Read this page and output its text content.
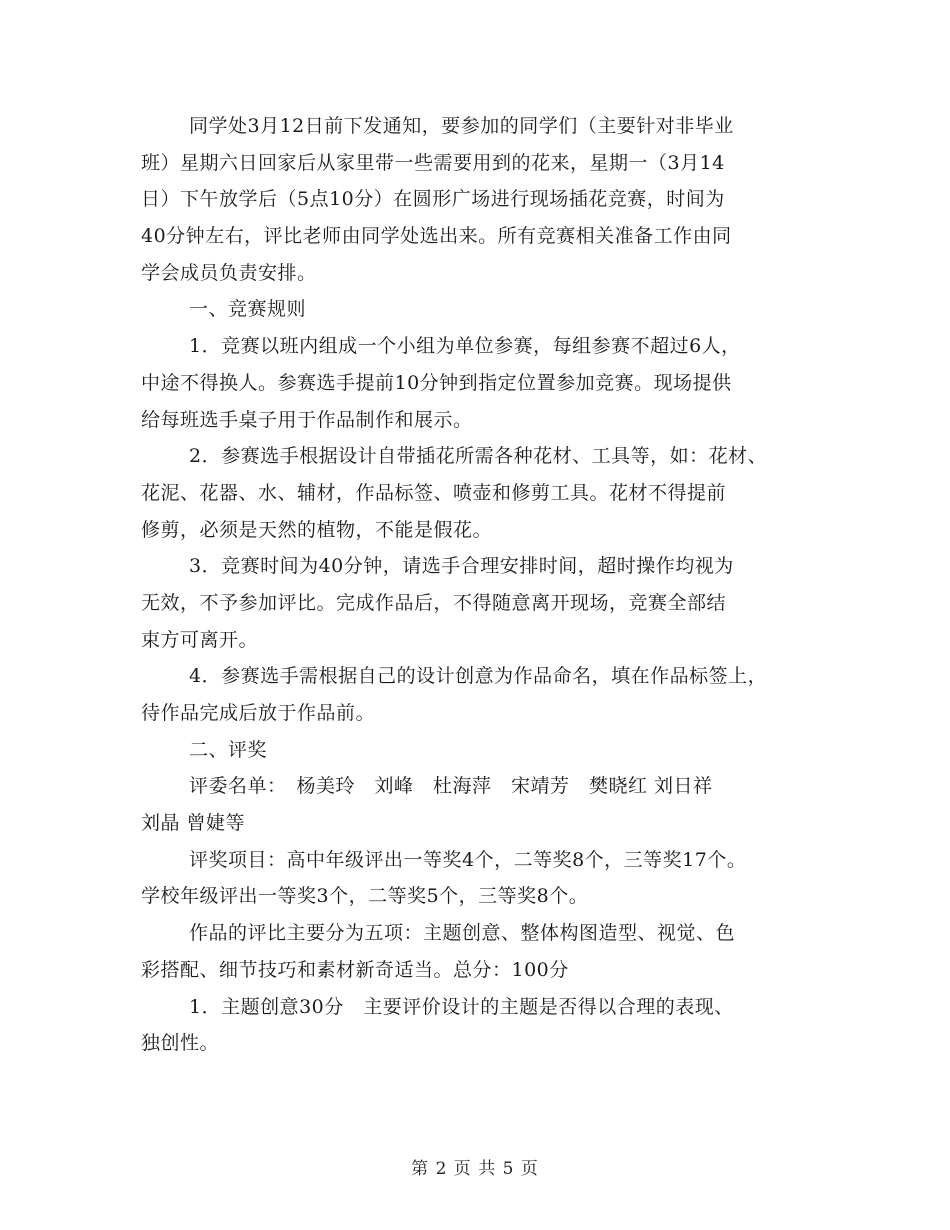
同学处3月12日前下发通知，要参加的同学们（主要针对非毕业
班）星期六日回家后从家里带一些需要用到的花来，星期一（3月14
日）下午放学后（5点10分）在圆形广场进行现场插花竞赛，时间为
40分钟左右，评比老师由同学处选出来。所有竞赛相关准备工作由同
学会成员负责安排。
一、竞赛规则
1．竞赛以班内组成一个小组为单位参赛，每组参赛不超过6人，
中途不得换人。参赛选手提前10分钟到指定位置参加竞赛。现场提供
给每班选手桌子用于作品制作和展示。
2．参赛选手根据设计自带插花所需各种花材、工具等，如：花材、
花泥、花器、水、辅材，作品标签、喷壶和修剪工具。花材不得提前
修剪，必须是天然的植物，不能是假花。
3．竞赛时间为40分钟，请选手合理安排时间，超时操作均视为
无效，不予参加评比。完成作品后，不得随意离开现场，竞赛全部结
束方可离开。
4．参赛选手需根据自己的设计创意为作品命名，填在作品标签上，
待作品完成后放于作品前。
二、评奖
评委名单：　杨美玲　刘峰　杜海萍　宋靖芳　樊晓红 刘日祥
刘晶 曾婕等
评奖项目：高中年级评出一等奖4个，二等奖8个，三等奖17个。
学校年级评出一等奖3个，二等奖5个，三等奖8个。
作品的评比主要分为五项：主题创意、整体构图造型、视觉、色
彩搭配、细节技巧和素材新奇适当。总分：100分
1．主题创意30分　主要评价设计的主题是否得以合理的表现、
独创性。
第 2 页 共 5 页
